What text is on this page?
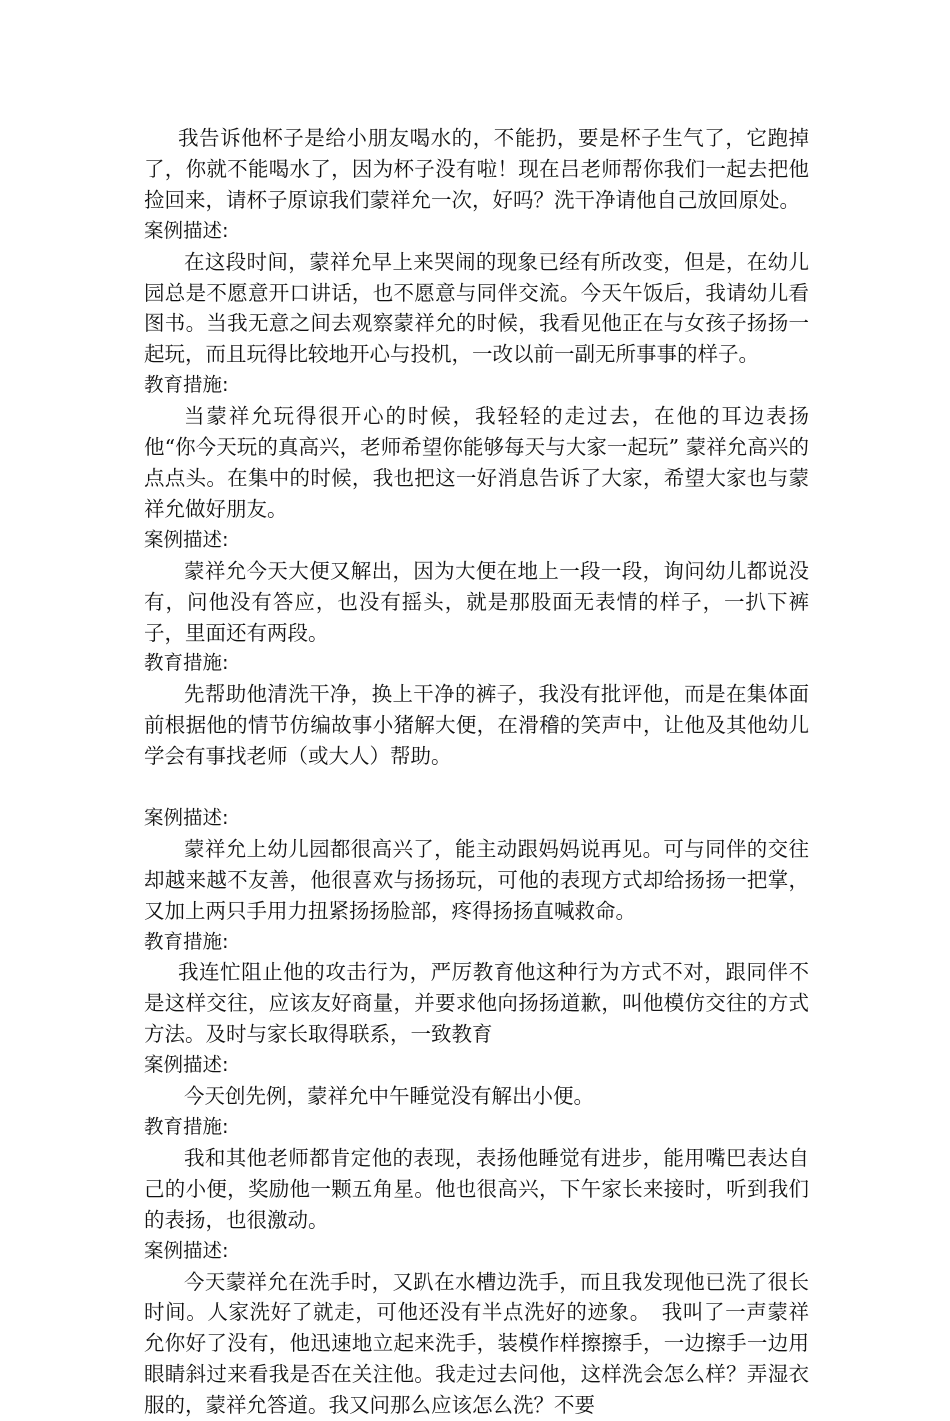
我告诉他杯子是给小朋友喝水的，不能扔，要是杯子生气了，它跑掉了，你就不能喝水了，因为杯子没有啦！现在吕老师帮你我们一起去把他捡回来，请杯子原谅我们蒙祥允一次，好吗？洗干净请他自己放回原处。

案例描述:

在这段时间，蒙祥允早上来哭闹的现象已经有所改变，但是，在幼儿园总是不愿意开口讲话，也不愿意与同伴交流。今天午饭后，我请幼儿看图书。当我无意之间去观察蒙祥允的时候，我看见他正在与女孩子扬扬一起玩，而且玩得比较地开心与投机，一改以前一副无所事事的样子。

教育措施:

当蒙祥允玩得很开心的时候，我轻轻的走过去，在他的耳边表扬他“你今天玩的真高兴，老师希望你能够每天与大家一起玩” 蒙祥允高兴的点点头。在集中的时候，我也把这一好消息告诉了大家，希望大家也与蒙祥允做好朋友。

案例描述:

蒙祥允今天大便又解出，因为大便在地上一段一段，询问幼儿都说没有，问他没有答应，也没有摇头，就是那股面无表情的样子，一扒下裤子，里面还有两段。

教育措施:

先帮助他清洗干净，换上干净的裤子，我没有批评他，而是在集体面前根据他的情节仿编故事小猪解大便，在滑稽的笑声中，让他及其他幼儿学会有事找老师（或大人）帮助。

案例描述:

蒙祥允上幼儿园都很高兴了，能主动跟妈妈说再见。可与同伴的交往却越来越不友善，他很喜欢与扬扬玩，可他的表现方式却给扬扬一把掌，又加上两只手用力扭紧扬扬脸部，疼得扬扬直喊救命。

教育措施:

我连忙阻止他的攻击行为，严厉教育他这种行为方式不对，跟同伴不是这样交往，应该友好商量，并要求他向扬扬道歉，叫他模仿交往的方式方法。及时与家长取得联系，一致教育

案例描述:

今天创先例，蒙祥允中午睡觉没有解出小便。

教育措施:

我和其他老师都肯定他的表现，表扬他睡觉有进步，能用嘴巴表达自己的小便，奖励他一颗五角星。他也很高兴，下午家长来接时，听到我们的表扬，也很激动。

案例描述:

今天蒙祥允在洗手时，又趴在水槽边洗手，而且我发现他已洗了很长时间。人家洗好了就走，可他还没有半点洗好的迹象。　我叫了一声蒙祥允你好了没有，他迅速地立起来洗手，装模作样擦擦手，一边擦手一边用眼睛斜过来看我是否在关注他。我走过去问他，这样洗会怎么样？弄湿衣服的，蒙祥允答道。我又问那么应该怎么洗？不要
